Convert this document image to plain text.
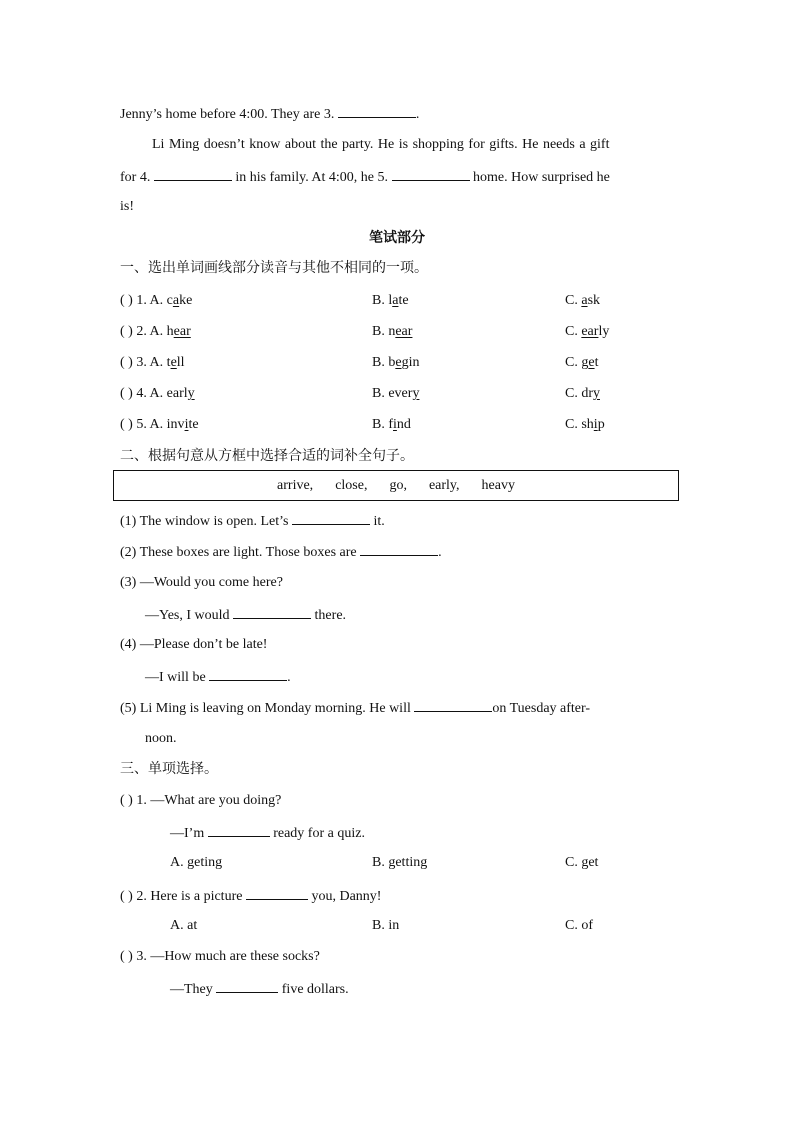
Jenny’s home before 4:00. They are 3.	.
Li Ming doesn’t know about the party. He is shopping for gifts. He needs a gift
for 4.	in his family. At 4:00, he 5.	home. How surprised he
is!
笔试部分
一、选出单词画线部分读音与其他不相同的一项。
( ) 1. A. cake	B. late	C. ask
( ) 2. A. hear	B. near	C. early
( ) 3. A. tell	B. begin	C. get
( ) 4. A. early	B. every	C. dry
( ) 5. A. invite	B. find	C. ship
二、根据句意从方框中选择合适的词补全句子。
arrive, close, go, early, heavy
(1) The window is open. Let’s	it.
(2) These boxes are light. Those boxes are	.
(3) —Would you come here?
—Yes, I would	there.
(4) —Please don’t be late!
—I will be	.
(5) Li Ming is leaving on Monday morning. He will	on Tuesday after-
noon.
三、单项选择。
( ) 1. —What are you doing?
—I’m	ready for a quiz.
A. geting	B. getting	C. get
( ) 2. Here is a picture	you, Danny!
A. at	B. in	C. of
( ) 3. —How much are these socks?
—They	five dollars.
